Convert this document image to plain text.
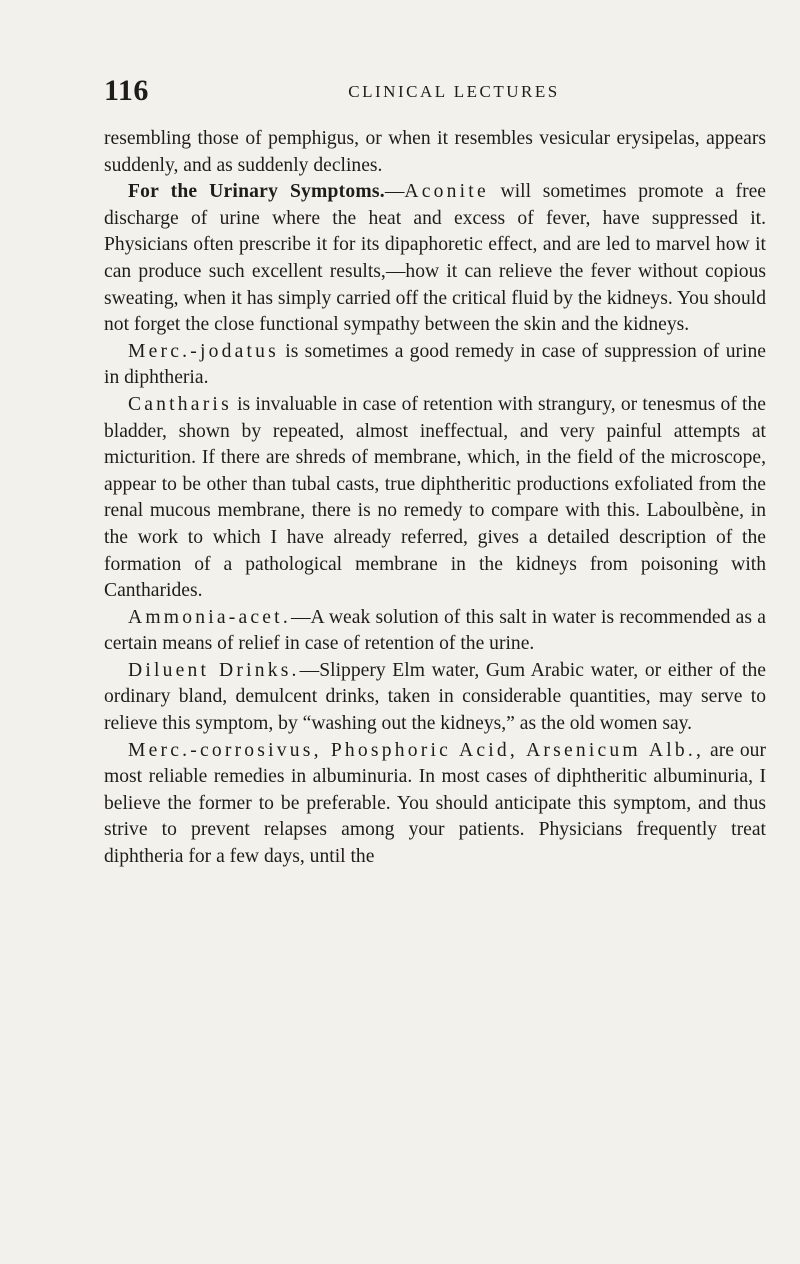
116	CLINICAL LECTURES

resembling those of pemphigus, or when it resembles vesicular erysipelas, appears suddenly, and as suddenly declines.

For the Urinary Symptoms.—Aconite will sometimes promote a free discharge of urine where the heat and excess of fever, have suppressed it. Physicians often prescribe it for its dipaphoretic effect, and are led to marvel how it can produce such excellent results,—how it can relieve the fever without copious sweating, when it has simply carried off the critical fluid by the kidneys. You should not forget the close functional sympathy between the skin and the kidneys.

Merc.-jodatus is sometimes a good remedy in case of suppression of urine in diphtheria.

Cantharis is invaluable in case of retention with strangury, or tenesmus of the bladder, shown by repeated, almost ineffectual, and very painful attempts at micturition. If there are shreds of membrane, which, in the field of the microscope, appear to be other than tubal casts, true diphtheritic productions exfoliated from the renal mucous membrane, there is no remedy to compare with this. Laboulbène, in the work to which I have already referred, gives a detailed description of the formation of a pathological membrane in the kidneys from poisoning with Cantharides.

Ammonia-acet.—A weak solution of this salt in water is recommended as a certain means of relief in case of retention of the urine.

Diluent Drinks.—Slippery Elm water, Gum Arabic water, or either of the ordinary bland, demulcent drinks, taken in considerable quantities, may serve to relieve this symptom, by “washing out the kidneys,” as the old women say.

Merc.-corrosivus, Phosphoric Acid, Arsenicum Alb., are our most reliable remedies in albuminuria. In most cases of diphtheritic albuminuria, I believe the former to be preferable. You should anticipate this symptom, and thus strive to prevent relapses among your patients. Physicians frequently treat diphtheria for a few days, until the
